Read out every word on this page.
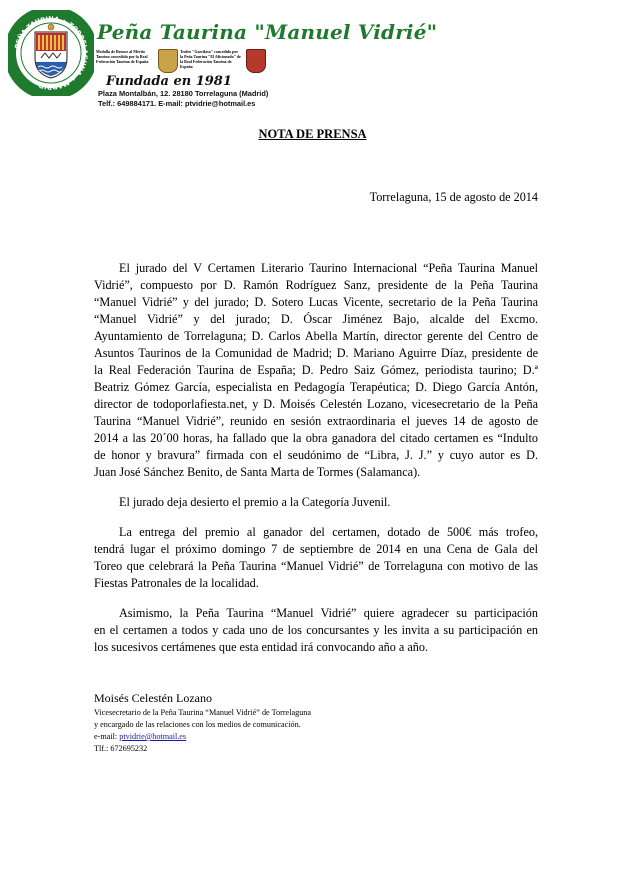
PEÑA TAURINA ✦ TORRELAGUNA ✦ MADRID
Peña Taurina "Manuel Vidrié"
Medalla de Bronce al Mérito Taurino concedida por la Real Federación Taurina de España
Trofeo "Garcilaso" concedido por la Peña Taurina "El Aficionado" de la Real Federación Taurina de España
Fundada en 1981
Plaza Montalbán, 12. 28180 Torrelaguna (Madrid)
Telf.: 649884171. E-mail: ptvidrie@hotmail.es
NOTA DE PRENSA
Torrelaguna, 15 de agosto de 2014
El jurado del V Certamen Literario Taurino Internacional “Peña Taurina Manuel
Vidrié”, compuesto por D. Ramón Rodríguez Sanz, presidente de la Peña Taurina
“Manuel Vidrié” y del jurado; D. Sotero Lucas Vicente, secretario de la Peña Taurina
“Manuel Vidrié” y del jurado; D. Óscar Jiménez Bajo, alcalde del Excmo.
Ayuntamiento de Torrelaguna; D. Carlos Abella Martín, director gerente del Centro de
Asuntos Taurinos de la Comunidad de Madrid; D. Mariano Aguirre Díaz, presidente de
la Real Federación Taurina de España; D. Pedro Saiz Gómez, periodista taurino; D.ª
Beatriz Gómez García, especialista en Pedagogía Terapéutica; D. Diego García Antón,
director de todoporlafiesta.net, y D. Moisés Celestén Lozano, vicesecretario de la Peña
Taurina “Manuel Vidrié”, reunido en sesión extraordinaria el jueves 14 de agosto de
2014 a las 20´00 horas, ha fallado que la obra ganadora del citado certamen es “Indulto
de honor y bravura” firmada con el seudónimo de “Libra, J. J.” y cuyo autor es D.
Juan José Sánchez Benito, de Santa Marta de Tormes (Salamanca).
El jurado deja desierto el premio a la Categoría Juvenil.
La entrega del premio al ganador del certamen, dotado de 500€ más trofeo,
tendrá lugar el próximo domingo 7 de septiembre de 2014 en una Cena de Gala del
Toreo que celebrará la Peña Taurina “Manuel Vidrié” de Torrelaguna con motivo de las
Fiestas Patronales de la localidad.
Asimismo, la Peña Taurina “Manuel Vidrié” quiere agradecer su participación
en el certamen a todos y cada uno de los concursantes y les invita a su participación en
los sucesivos certámenes que esta entidad irá convocando año a año.
Moisés Celestén Lozano
Vicesecretario de la Peña Taurina “Manuel Vidrié” de Torrelaguna
y encargado de las relaciones con los medios de comunicación.
e-mail: ptvidrie@hotmail.es
Tlf.: 672695232
